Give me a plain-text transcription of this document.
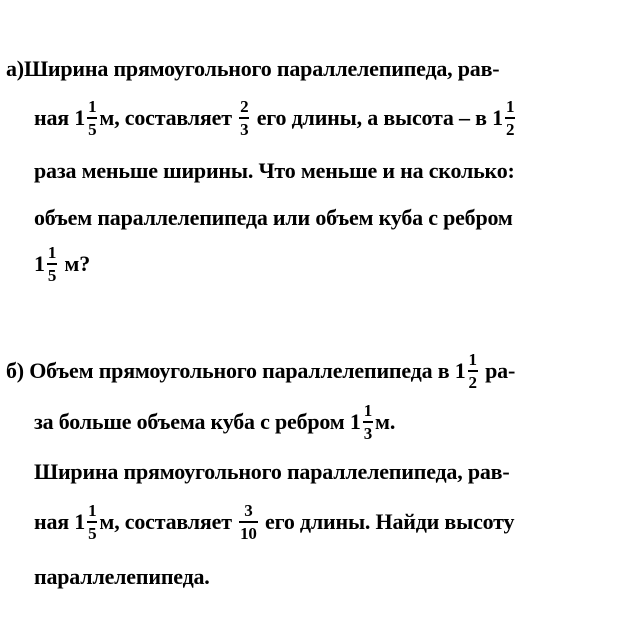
а)Ширина прямоугольного параллелепипеда, рав-
ная $1 \frac{1}{5} м$, составляет $\frac{2}{3}$ его длины, а высота – в $1 \frac{1}{2}$
раза меньше ширины. Что меньше и на сколько:
объем параллелепипеда или объем куба с ребром
$1 \frac{1}{5} м$?
б) Объем прямоугольного параллелепипеда в $1 \frac{1}{2} ра-$
за больше объема куба с ребром $1 \frac{1}{3} м$.
Ширина прямоугольного параллелепипеда, рав-
ная $1 \frac{1}{5} м$, составляет $\frac{3}{10}$ его длины. Найди высоту
параллелепипеда.
